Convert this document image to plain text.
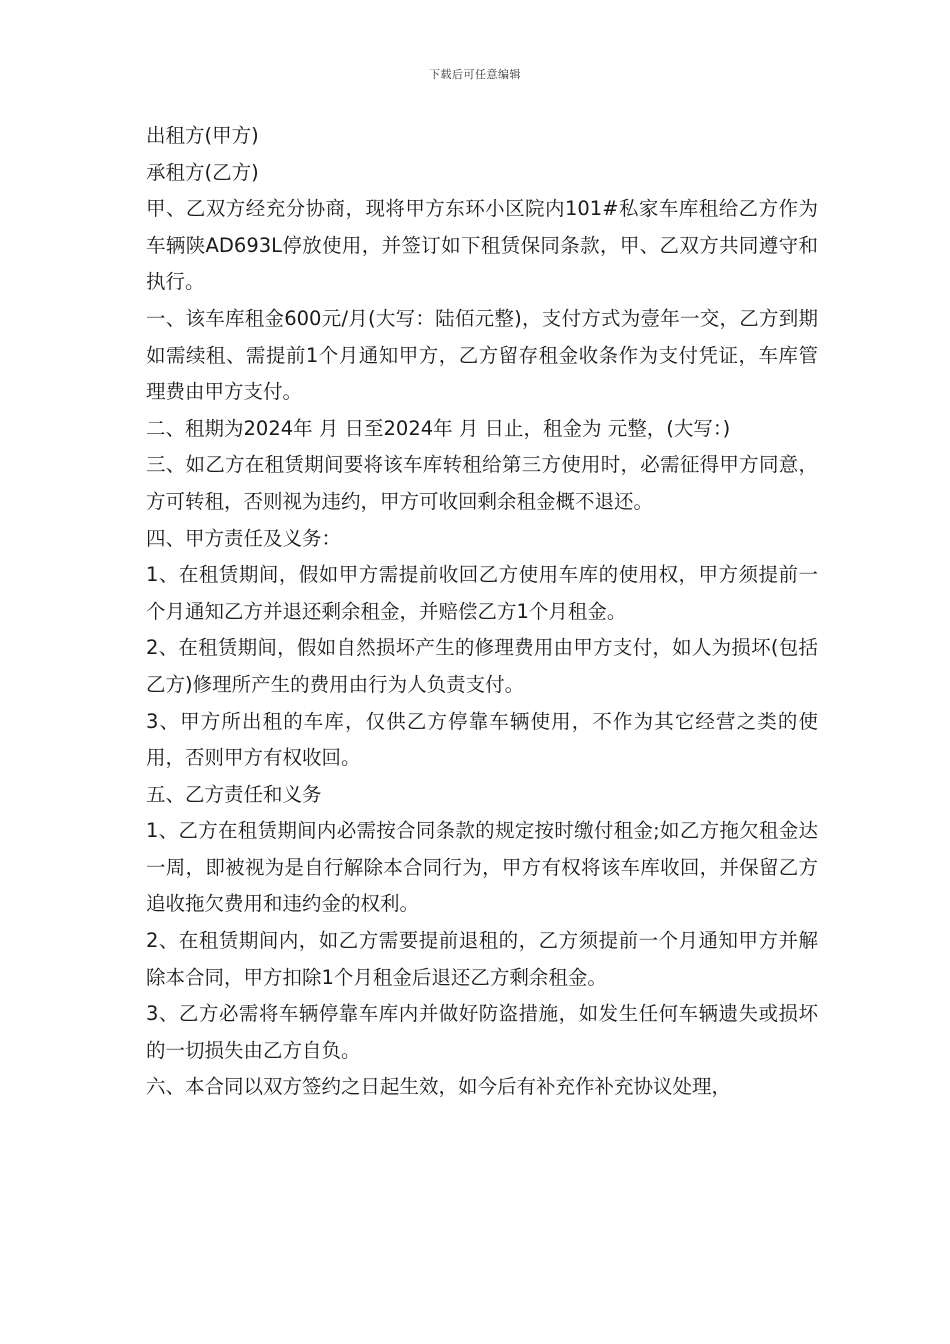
下载后可任意编辑

出租方(甲方)

承租方(乙方)

甲、乙双方经充分协商，现将甲方东环小区院内101#私家车库租给乙方作为车辆陕AD693L停放使用，并签订如下租赁保同条款，甲、乙双方共同遵守和执行。

一、该车库租金600元/月(大写：陆佰元整)，支付方式为壹年一交，乙方到期如需续租、需提前1个月通知甲方，乙方留存租金收条作为支付凭证，车库管理费由甲方支付。

二、租期为2024年 月 日至2024年 月 日止，租金为 元整，(大写：)

三、如乙方在租赁期间要将该车库转租给第三方使用时，必需征得甲方同意，方可转租，否则视为违约，甲方可收回剩余租金概不退还。

四、甲方责任及义务：

1、在租赁期间，假如甲方需提前收回乙方使用车库的使用权，甲方须提前一个月通知乙方并退还剩余租金，并赔偿乙方1个月租金。

2、在租赁期间，假如自然损坏产生的修理费用由甲方支付，如人为损坏(包括乙方)修理所产生的费用由行为人负责支付。

3、甲方所出租的车库，仅供乙方停靠车辆使用，不作为其它经营之类的使用，否则甲方有权收回。

五、乙方责任和义务

1、乙方在租赁期间内必需按合同条款的规定按时缴付租金;如乙方拖欠租金达一周，即被视为是自行解除本合同行为，甲方有权将该车库收回，并保留乙方追收拖欠费用和违约金的权利。

2、在租赁期间内，如乙方需要提前退租的，乙方须提前一个月通知甲方并解除本合同，甲方扣除1个月租金后退还乙方剩余租金。

3、乙方必需将车辆停靠车库内并做好防盗措施，如发生任何车辆遗失或损坏的一切损失由乙方自负。

六、本合同以双方签约之日起生效，如今后有补充作补充协议处理，
